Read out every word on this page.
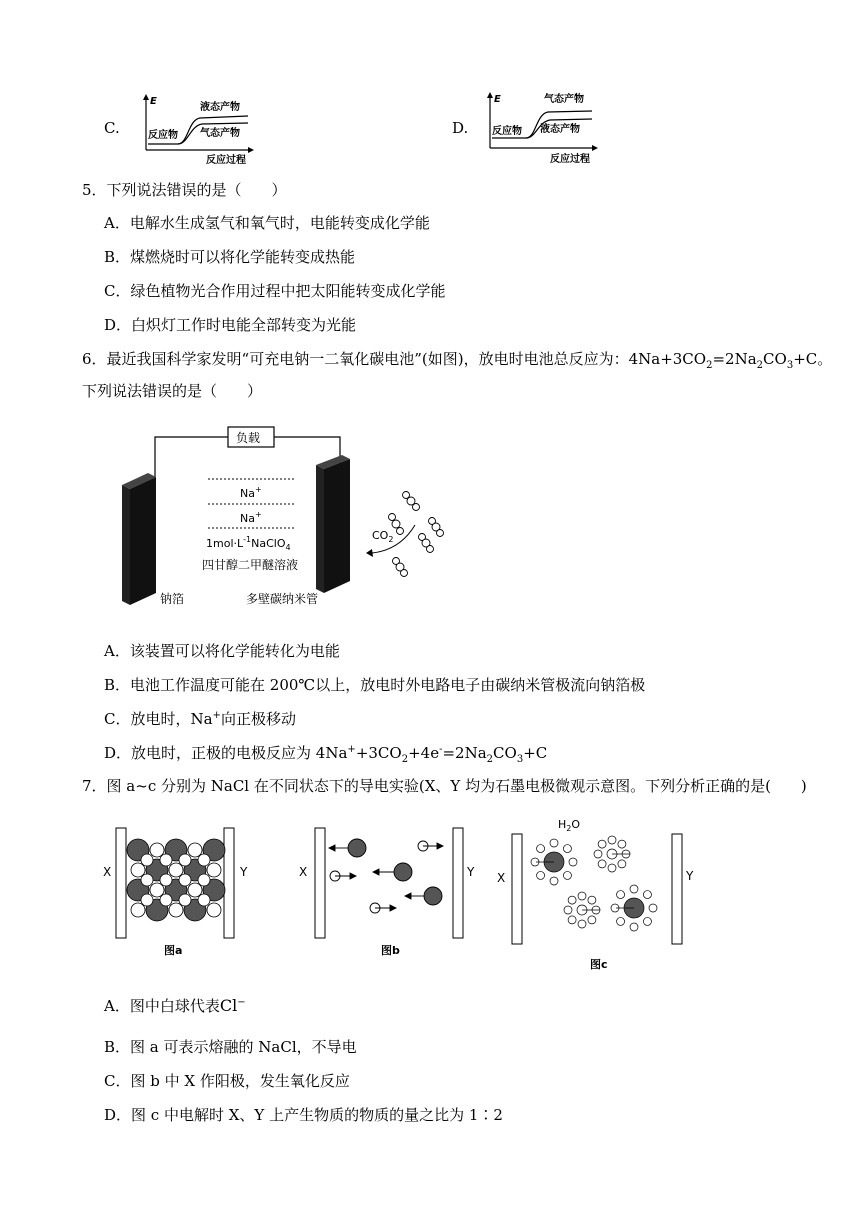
C.
E
液态产物
反应物 气态产物
反应过程
D.
E	气态产物
反应物 液态产物
反应过程
5．下列说法错误的是（　　）
A．电解水生成氢气和氧气时，电能转变成化学能
B．煤燃烧时可以将化学能转变成热能
C．绿色植物光合作用过程中把太阳能转变成化学能
D．白炽灯工作时电能全部转变为光能
6．最近我国科学家发明“可充电钠一二氧化碳电池”(如图)，放电时电池总反应为：$4Na+3CO_2=2Na_2CO_3+C$。
下列说法错误的是（　　）
负载
Na+
Na+
$1mol\cdot L^{-1}NaClO_4$
四甘醇二甲醚溶液
钠箔	多壁碳纳米管
$CO_2$
A．该装置可以将化学能转化为电能
B．电池工作温度可能在 200℃以上，放电时外电路电子由碳纳米管极流向钠箔极
C．放电时，Na+向正极移动
D．放电时，正极的电极反应为 $4Na^++3CO_2+4e^-=2Na_2CO_3+C$
7．图 a~c 分别为 NaCl 在不同状态下的导电实验(X、Y 均为石墨电极微观示意图。下列分析正确的是(　　)
X	Y
图a
X	Y
图b
X	Y
$H_2O$
图c
A．图中白球代表Cl−
B．图 a 可表示熔融的 NaCl，不导电
C．图 b 中 X 作阳极，发生氧化反应
D．图 c 中电解时 X、Y 上产生物质的物质的量之比为 1∶2
